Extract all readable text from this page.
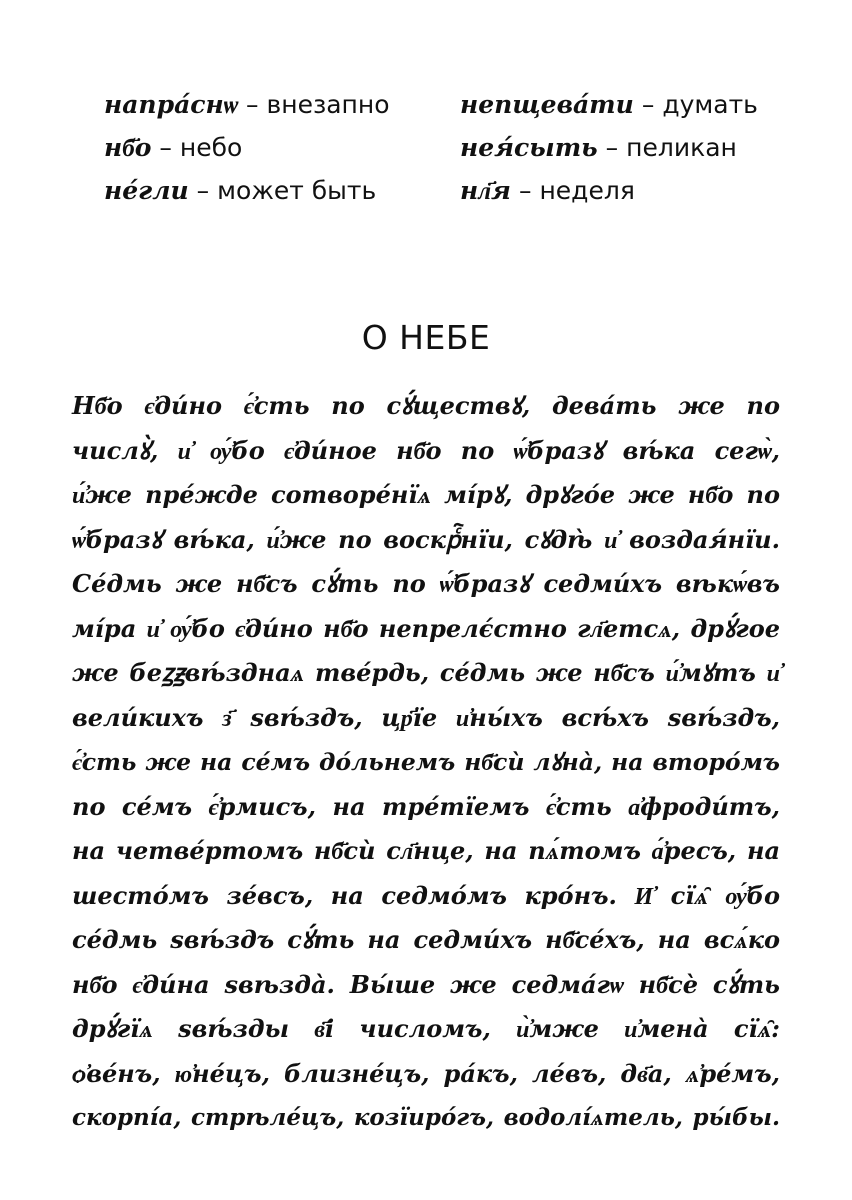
напра́снѡ – внезапно	непщева́ти – думать
нб҃о – небо	нея́сыть – пеликан
не́гли – может быть	нл҃я – неделя
О НЕБЕ
Нб҃о є҆ди́но є҆́сть по сꙋ́ществꙋ, дева́ть же по
числꙋ̀, и҆ ѹ҆́бо є҆ди́ное нб҃о по ѡ҆́бразꙋ вѣ́ка сегѡ̀,
и҆́же пре́жде сотворе́нїѧ мі́рꙋ, дрꙋго́е же нб҃о по
ѡ҆́бразꙋ вѣ́ка, и҆́же по воскрⷭ҇нїи, сꙋдѣ̀ и҆ воздая́нїи.
Се́дмь же нб҃съ сꙋ́ть по ѡ҆́бразꙋ седми́хъ вѣкѡ́въ
мі́ра и҆ ѹ҆́бо є҆ди́но нб҃о непрелє́стно гл҃етсѧ, дрꙋ́гое
же беꙁꙃвѣ́зднаѧ тве́рдь, се́дмь же нб҃съ и҆́мꙋтъ и҆
вели́кихъ з҃ ѕвѣ́здъ, цр҃їе и҆ны́хъ всѣ́хъ ѕвѣ́здъ,
є҆́сть же на се́мъ до́льнемъ нб҃сѝ лꙋна̀, на второ́мъ
по се́мъ є҆́рмисъ, на тре́тїемъ є҆́сть а҆фроди́тъ,
на четве́ртомъ нб҃сѝ сл҃нце, на пѧ́томъ а҆́ресъ, на
шесто́мъ зе́всъ, на седмо́мъ кро́нъ. И҆ сїѧ̑ ѹ҆́бо
се́дмь ѕвѣ́здъ сꙋ́ть на седми́хъ нб҃се́хъ, на всѧ́ко
нб҃о є҆ди́на ѕвѣзда̀. Вы́ше же седма́гѡ нб҃сѐ сꙋ́ть
дрꙋ́гїѧ ѕвѣ́зды в҃і числомъ, и҆̀мже и҆мена̀ сїѧ̑:
ѻ҆ве́нъ, ю҆не́цъ, близне́цъ, ра́къ, ле́въ, дв҃а, ѧ҆ре́мъ,
скорпі́а, стрѣле́цъ, козїиро́гъ, водолі́ѧтель, ры́бы.
